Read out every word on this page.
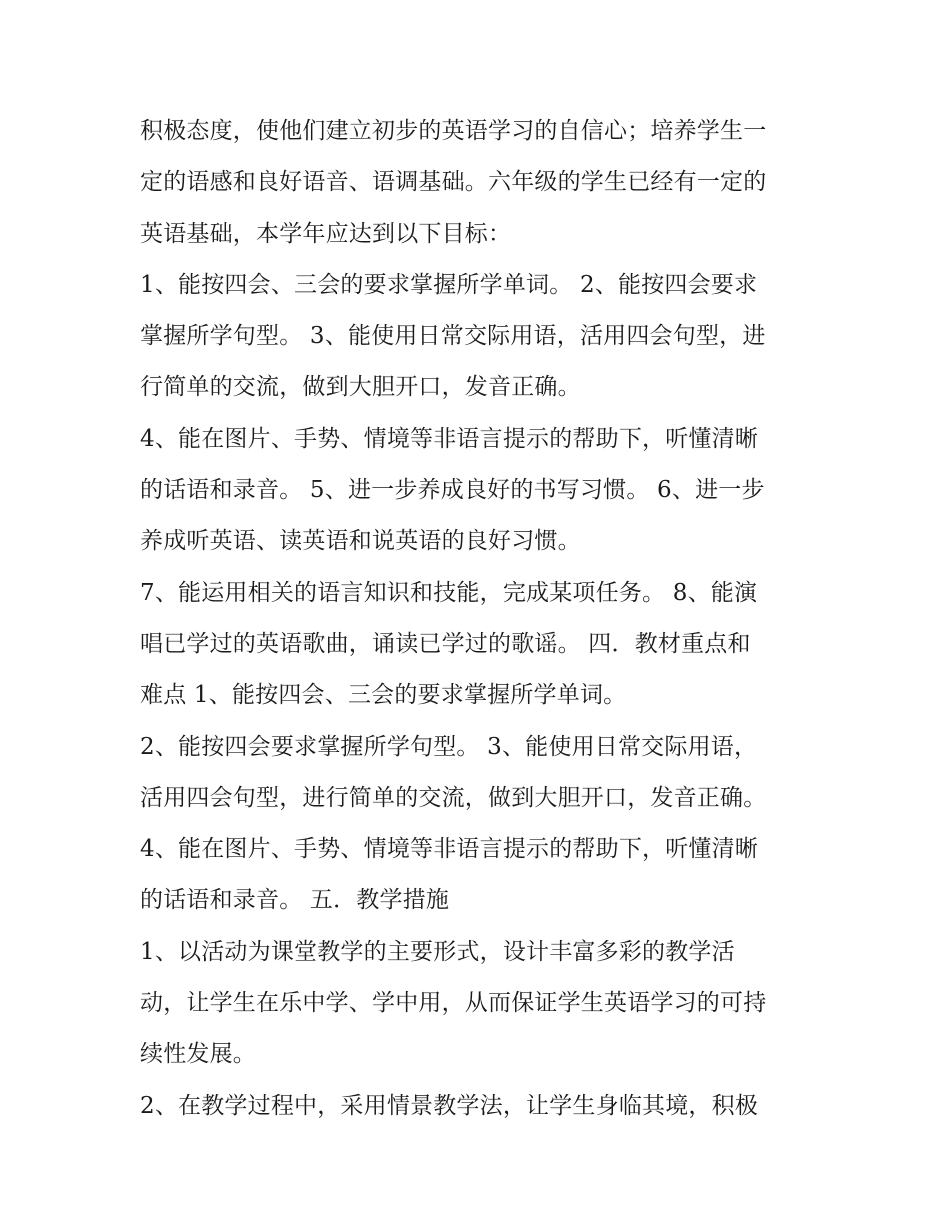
积极态度，使他们建立初步的英语学习的自信心；培养学生一
定的语感和良好语音、语调基础。六年级的学生已经有一定的
英语基础，本学年应达到以下目标：
1、能按四会、三会的要求掌握所学单词。 2、能按四会要求
掌握所学句型。 3、能使用日常交际用语，活用四会句型，进
行简单的交流，做到大胆开口，发音正确。
4、能在图片、手势、情境等非语言提示的帮助下，听懂清晰
的话语和录音。 5、进一步养成良好的书写习惯。 6、进一步
养成听英语、读英语和说英语的良好习惯。
7、能运用相关的语言知识和技能，完成某项任务。 8、能演
唱已学过的英语歌曲，诵读已学过的歌谣。 四．教材重点和
难点 1、能按四会、三会的要求掌握所学单词。
2、能按四会要求掌握所学句型。 3、能使用日常交际用语，
活用四会句型，进行简单的交流，做到大胆开口，发音正确。
4、能在图片、手势、情境等非语言提示的帮助下，听懂清晰
的话语和录音。 五．教学措施
1、以活动为课堂教学的主要形式，设计丰富多彩的教学活
动，让学生在乐中学、学中用，从而保证学生英语学习的可持
续性发展。
2、在教学过程中，采用情景教学法，让学生身临其境，积极
